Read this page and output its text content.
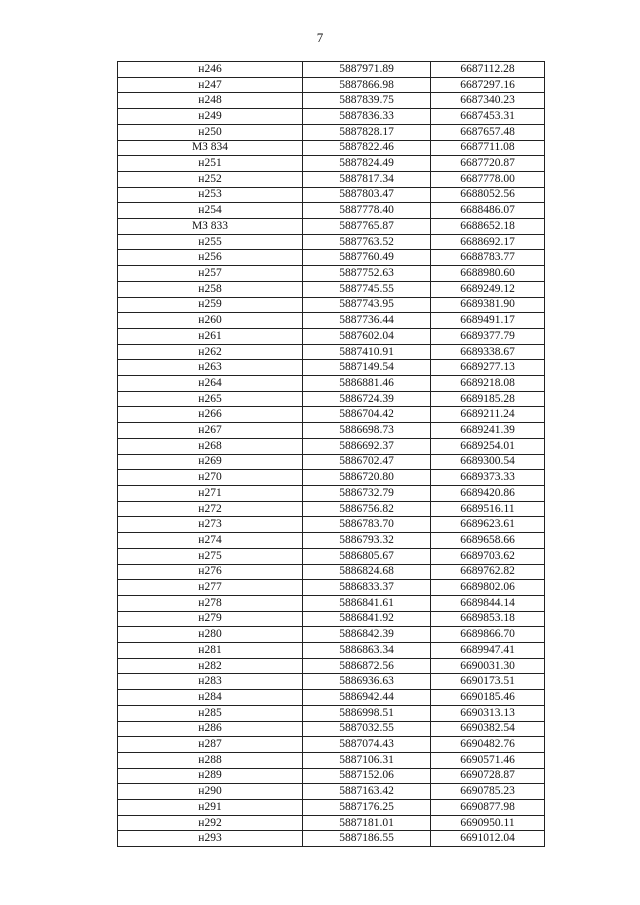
7
н246	5887971.89	6687112.28
н247	5887866.98	6687297.16
н248	5887839.75	6687340.23
н249	5887836.33	6687453.31
н250	5887828.17	6687657.48
МЗ 834	5887822.46	6687711.08
н251	5887824.49	6687720.87
н252	5887817.34	6687778.00
н253	5887803.47	6688052.56
н254	5887778.40	6688486.07
МЗ 833	5887765.87	6688652.18
н255	5887763.52	6688692.17
н256	5887760.49	6688783.77
н257	5887752.63	6688980.60
н258	5887745.55	6689249.12
н259	5887743.95	6689381.90
н260	5887736.44	6689491.17
н261	5887602.04	6689377.79
н262	5887410.91	6689338.67
н263	5887149.54	6689277.13
н264	5886881.46	6689218.08
н265	5886724.39	6689185.28
н266	5886704.42	6689211.24
н267	5886698.73	6689241.39
н268	5886692.37	6689254.01
н269	5886702.47	6689300.54
н270	5886720.80	6689373.33
н271	5886732.79	6689420.86
н272	5886756.82	6689516.11
н273	5886783.70	6689623.61
н274	5886793.32	6689658.66
н275	5886805.67	6689703.62
н276	5886824.68	6689762.82
н277	5886833.37	6689802.06
н278	5886841.61	6689844.14
н279	5886841.92	6689853.18
н280	5886842.39	6689866.70
н281	5886863.34	6689947.41
н282	5886872.56	6690031.30
н283	5886936.63	6690173.51
н284	5886942.44	6690185.46
н285	5886998.51	6690313.13
н286	5887032.55	6690382.54
н287	5887074.43	6690482.76
н288	5887106.31	6690571.46
н289	5887152.06	6690728.87
н290	5887163.42	6690785.23
н291	5887176.25	6690877.98
н292	5887181.01	6690950.11
н293	5887186.55	6691012.04
